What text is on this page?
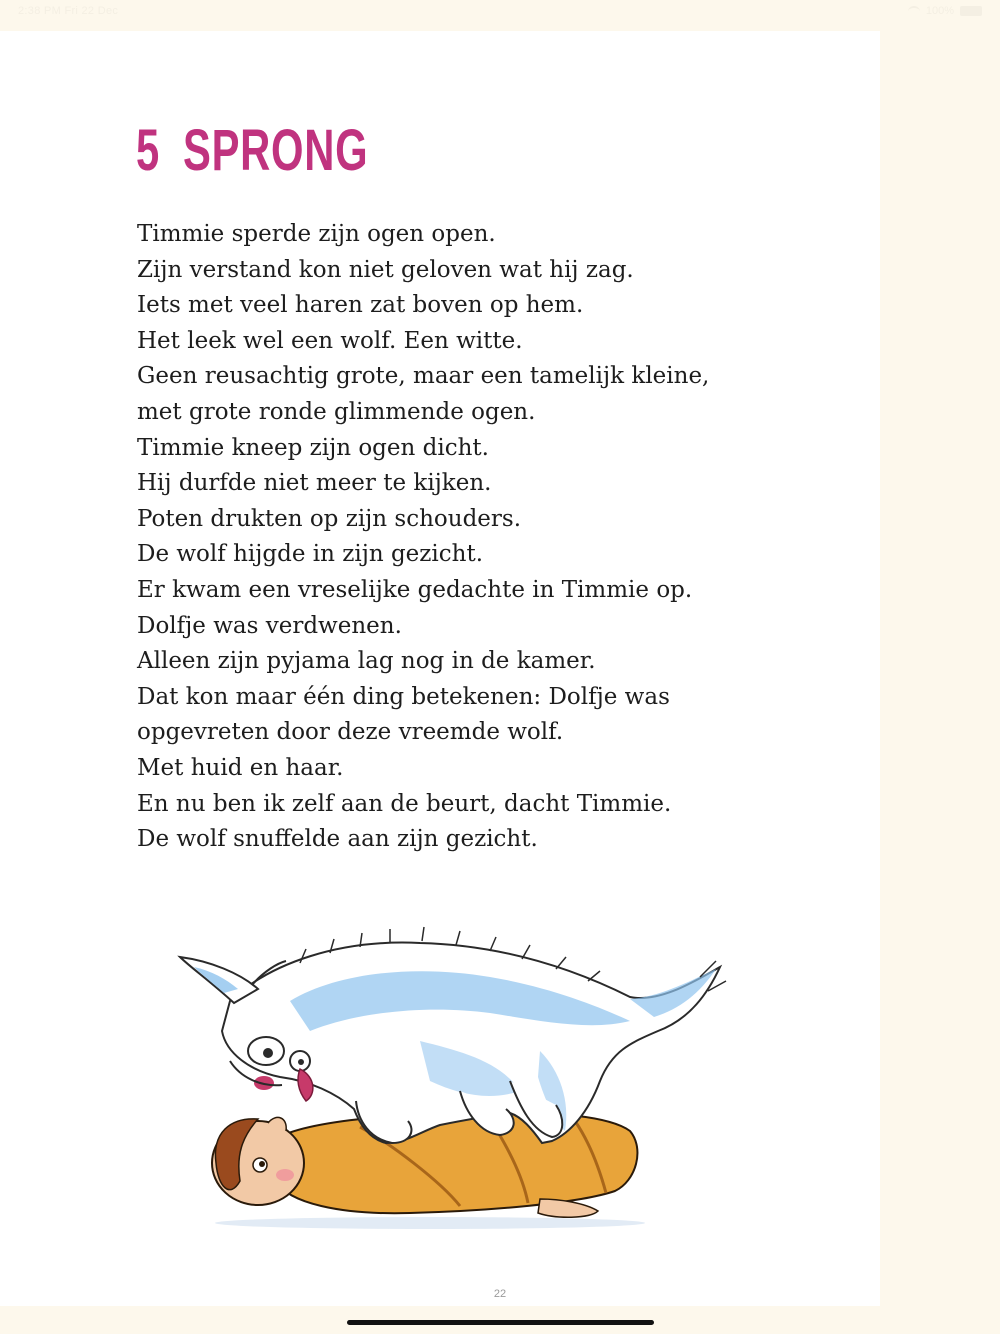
2:38 PM Fri 22 Dec	100%
5 SPRONG
Timmie sperde zijn ogen open.
Zijn verstand kon niet geloven wat hij zag.
Iets met veel haren zat boven op hem.
Het leek wel een wolf. Een witte.
Geen reusachtig grote, maar een tamelijk kleine,
met grote ronde glimmende ogen.
Timmie kneep zijn ogen dicht.
Hij durfde niet meer te kijken.
Poten drukten op zijn schouders.
De wolf hijgde in zijn gezicht.
Er kwam een vreselijke gedachte in Timmie op.
Dolfje was verdwenen.
Alleen zijn pyjama lag nog in de kamer.
Dat kon maar één ding betekenen: Dolfje was
opgevreten door deze vreemde wolf.
Met huid en haar.
En nu ben ik zelf aan de beurt, dacht Timmie.
De wolf snuffelde aan zijn gezicht.
22
